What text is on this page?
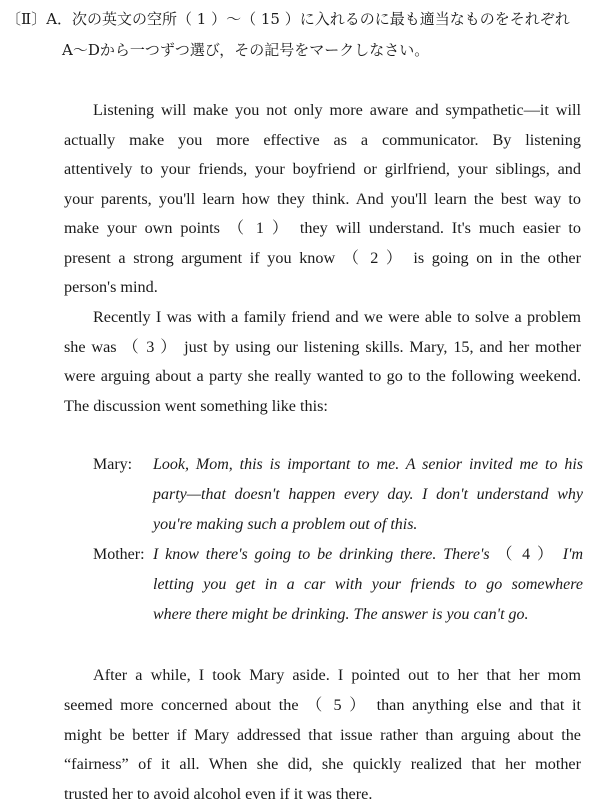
〔Ⅱ〕A．次の英文の空所（ 1 ）～（ 15 ）に入れるのに最も適当なものをそれぞれ
A～Dから一つずつ選び，その記号をマークしなさい。
Listening will make you not only more aware and sympathetic—it will
actually make you more effective as a communicator. By listening
attentively to your friends, your boyfriend or girlfriend, your siblings, and
your parents, you'll learn how they think. And you'll learn the best way to
make your own points （ 1 ） they will understand. It's much easier to
present a strong argument if you know （ 2 ） is going on in the other
person's mind.
Recently I was with a family friend and we were able to solve a problem
she was （ 3 ） just by using our listening skills. Mary, 15, and her mother
were arguing about a party she really wanted to go to the following weekend.
The discussion went something like this:
Mary: Look, Mom, this is important to me. A senior invited me to his
party—that doesn't happen every day. I don't understand why
you're making such a problem out of this.
Mother: I know there's going to be drinking there. There's （ 4 ） I'm
letting you get in a car with your friends to go somewhere
where there might be drinking. The answer is you can't go.
After a while, I took Mary aside. I pointed out to her that her mom
seemed more concerned about the （ 5 ） than anything else and that it
might be better if Mary addressed that issue rather than arguing about the
“fairness” of it all. When she did, she quickly realized that her mother
trusted her to avoid alcohol even if it was there.
